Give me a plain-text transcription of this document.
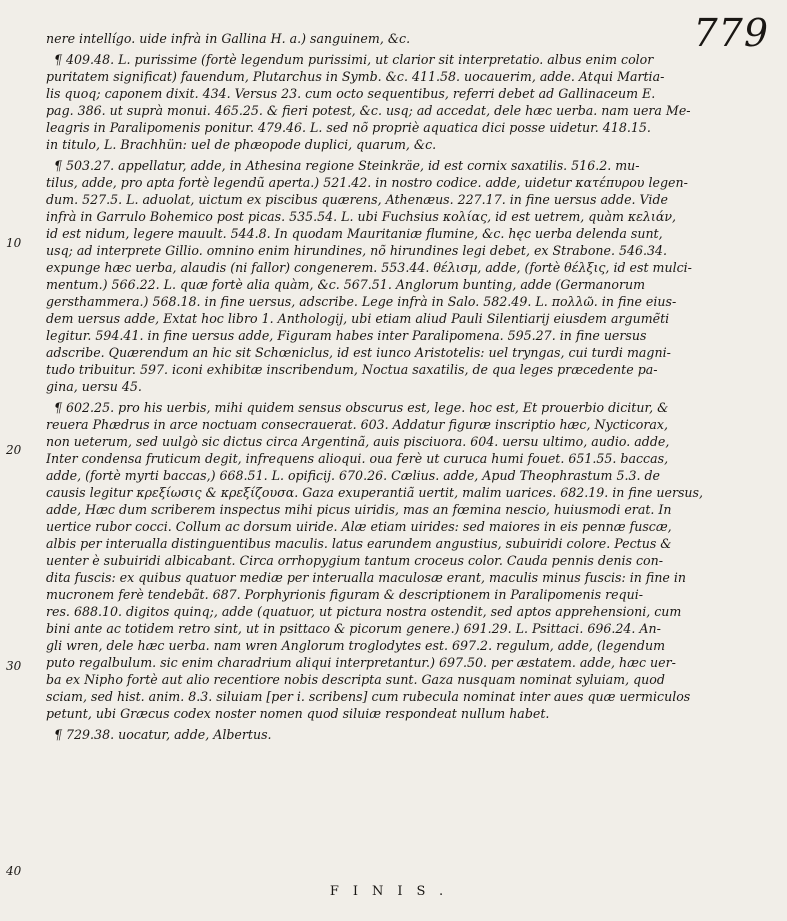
779
10
20
30
40
nere intellígo. uide infrà in Gallina H. a.) sanguinem, &c.
¶ 409.48. L. purissime (fortè legendum purissimi, ut clarior sit interpretatio. albus enim color
puritatem significat) fauendum, Plutarchus in Symb. &c. 411.58. uocauerim, adde. Atqui Martia-
lis quoq; caponem dixit. 434. Versus 23. cum octo sequentibus, referri debet ad Gallinaceum E.
pag. 386. ut suprà monui. 465.25. & fieri potest, &c. usq; ad accedat, dele hæc uerba. nam uera Me-
leagris in Paralipomenis ponitur. 479.46. L. sed nõ propriè aquatica dici posse uidetur. 418.15.
in titulo, L. Brachhün: uel de phæopode duplici, quarum, &c.
¶ 503.27. appellatur, adde, in Athesina regione Steinkräe, id est cornix saxatilis. 516.2. mu-
tilus, adde, pro apta fortè legendũ aperta.) 521.42. in nostro codice. adde, uidetur κατέπυρου legen-
dum. 527.5. L. aduolat, uictum ex piscibus quærens, Athenæus. 227.17. in fine uersus adde. Vide
infrà in Garrulo Bohemico post picas. 535.54. L. ubi Fuchsius κολίας, id est uetrem, quàm κελιάν,
id est nidum, legere mauult. 544.8. In quodam Mauritaniæ flumine, &c. hęc uerba delenda sunt,
usq; ad interprete Gillio. omnino enim hirundines, nõ hirundines legi debet, ex Strabone. 546.34.
expunge hæc uerba, alaudis (ni fallor) congenerem. 553.44. θέλισμ, adde, (fortè θέλξις, id est mulci-
mentum.) 566.22. L. quæ fortè alia quàm, &c. 567.51. Anglorum bunting, adde (Germanorum
gersthammera.) 568.18. in fine uersus, adscribe. Lege infrà in Salo. 582.49. L. πολλῶ. in fine eius-
dem uersus adde, Extat hoc libro 1. Anthologij, ubi etiam aliud Pauli Silentiarij eiusdem argumẽti
legitur. 594.41. in fine uersus adde, Figuram habes inter Paralipomena. 595.27. in fine uersus
adscribe. Quærendum an hic sit Schœniclus, id est iunco Aristotelis: uel tryngas, cui turdi magni-
tudo tribuitur. 597. iconi exhibitæ inscribendum, Noctua saxatilis, de qua leges præcedente pa-
gina, uersu 45.
¶ 602.25. pro his uerbis, mihi quidem sensus obscurus est, lege. hoc est, Et prouerbio dicitur, &
reuera Phædrus in arce noctuam consecrauerat. 603. Addatur figuræ inscriptio hæc, Nycticorax,
non ueterum, sed uulgò sic dictus circa Argentinã, auis pisciuora. 604. uersu ultimo, audio. adde,
Inter condensa fruticum degit, infrequens alioqui. oua ferè ut curuca humi fouet. 651.55. baccas,
adde, (fortè myrti baccas,) 668.51. L. opificij. 670.26. Cælius. adde, Apud Theophrastum 5.3. de
causis legitur κρεξίωσις & κρεξίζουσα. Gaza exuperantiã uertit, malim uarices. 682.19. in fine uersus,
adde, Hæc dum scriberem inspectus mihi picus uiridis, mas an fœmina nescio, huiusmodi erat. In
uertice rubor cocci. Collum ac dorsum uiride. Alæ etiam uirides: sed maiores in eis pennæ fuscæ,
albis per interualla distinguentibus maculis. latus earundem angustius, subuiridi colore. Pectus &
uenter è subuiridi albicabant. Circa orrhopygium tantum croceus color. Cauda pennis denis con-
dita fuscis: ex quibus quatuor mediæ per interualla maculosæ erant, maculis minus fuscis: in fine in
mucronem ferè tendebãt. 687. Porphyrionis figuram & descriptionem in Paralipomenis requi-
res. 688.10. digitos quinq;, adde (quatuor, ut pictura nostra ostendit, sed aptos apprehensioni, cum
bini ante ac totidem retro sint, ut in psittaco & picorum genere.) 691.29. L. Psittaci. 696.24. An-
gli wren, dele hæc uerba. nam wren Anglorum troglodytes est. 697.2. regulum, adde, (legendum
puto regalbulum. sic enim charadrium aliqui interpretantur.) 697.50. per æstatem. adde, hæc uer-
ba ex Nipho fortè aut alio recentiore nobis descripta sunt. Gaza nusquam nominat syluiam, quod
sciam, sed hist. anim. 8.3. siluiam [per i. scribens] cum rubecula nominat inter aues quæ uermiculos
petunt, ubi Græcus codex noster nomen quod siluiæ respondeat nullum habet.
¶ 729.38. uocatur, adde, Albertus.
FINIS.
